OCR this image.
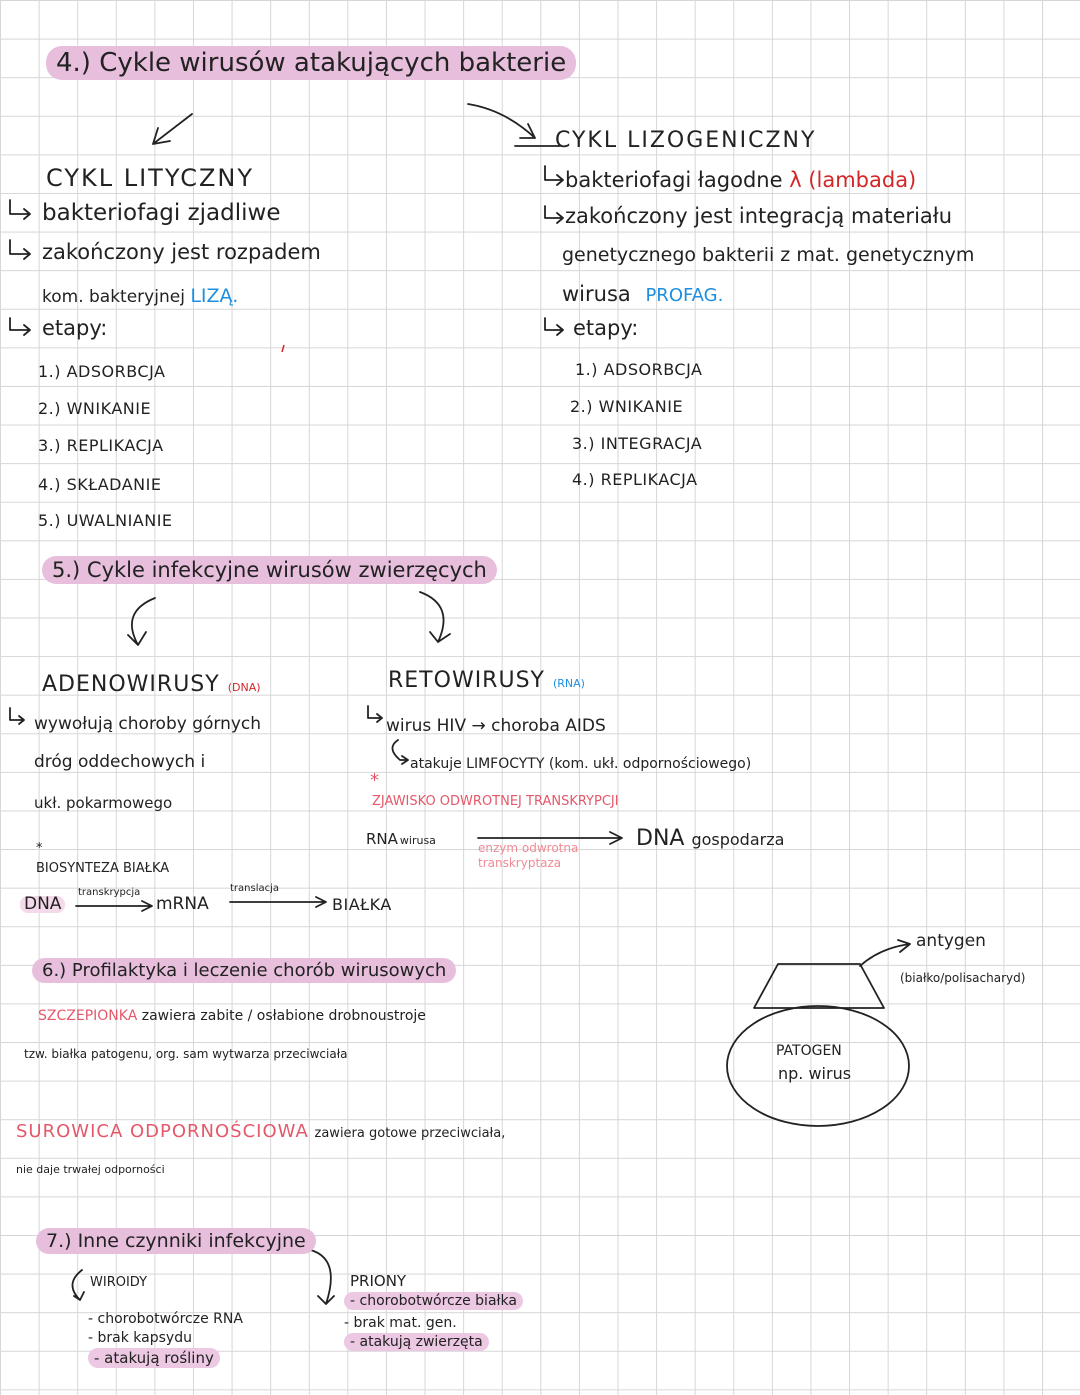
4.) Cykle wirusów atakujących bakterie
CYKL LITYCZNY
bakteriofagi zjadliwe
zakończony jest rozpadem
kom. bakteryjnej LIZĄ.
etapy:
1.) ADSORBCJA
2.) WNIKANIE
3.) REPLIKACJA
4.) SKŁADANIE
5.) UWALNIANIE
CYKL LIZOGENICZNY
bakteriofagi łagodne λ (lambada)
zakończony jest integracją materiału
genetycznego bakterii z mat. genetycznym
wirusa PROFAG.
etapy:
1.) ADSORBCJA
2.) WNIKANIE
3.) INTEGRACJA
4.) REPLIKACJA
5.) Cykle infekcyjne wirusów zwierzęcych
ADENOWIRUSY (DNA)
wywołują choroby górnych
dróg oddechowych i
ukł. pokarmowego
*
BIOSYNTEZA BIAŁKA
DNA
transkrypcja
mRNA
translacja
BIAŁKA
RETOWIRUSY (RNA)
wirus HIV → choroba AIDS
atakuje LIMFOCYTY (kom. ukł. odpornościowego)
*
ZJAWISKO ODWROTNEJ TRANSKRYPCJI
RNA wirusa
enzym odwrotna
transkryptaza
DNA gospodarza
6.) Profilaktyka i leczenie chorób wirusowych
SZCZEPIONKA zawiera zabite / osłabione drobnoustroje
tzw. białka patogenu, org. sam wytwarza przeciwciała
SUROWICA ODPORNOŚCIOWA zawiera gotowe przeciwciała,
nie daje trwałej odporności
antygen
(białko/polisacharyd)
PATOGEN
np. wirus
7.) Inne czynniki infekcyjne
WIROIDY
- chorobotwórcze RNA
- brak kapsydu
- atakują rośliny
PRIONY
- chorobotwórcze białka
- brak mat. gen.
- atakują zwierzęta
